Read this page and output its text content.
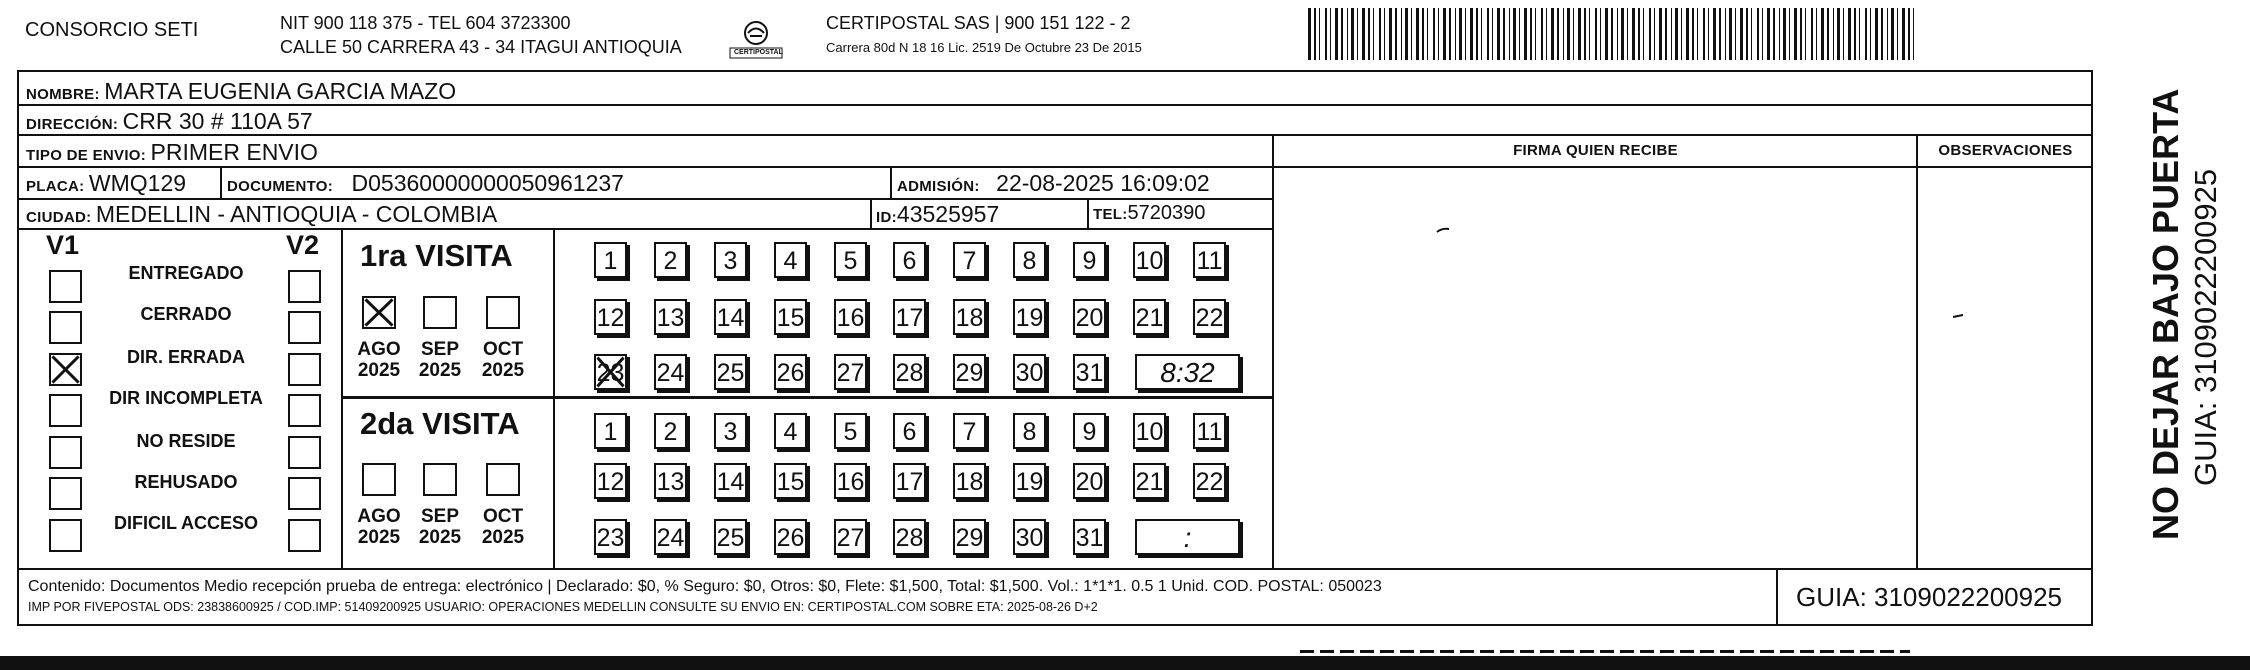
CONSORCIO SETI	NIT 900 118 375 - TEL 604 3723300
CALLE 50 CARRERA 43 - 34 ITAGUI ANTIOQUIA	CERTIPOSTAL
CERTIPOSTAL SAS | 900 151 122 - 2
Carrera 80d N 18 16 Lic. 2519 De Octubre 23 De 2015
NOMBRE: MARTA EUGENIA GARCIA MAZO
DIRECCIÓN: CRR 30 # 110A 57
TIPO DE ENVIO: PRIMER ENVIO	FIRMA QUIEN RECIBE	OBSERVACIONES
PLACA: WMQ129	DOCUMENTO: D05360000000050961237	ADMISIÓN: 22-08-2025 16:09:02
CIUDAD: MEDELLIN - ANTIOQUIA - COLOMBIA	ID:43525957	TEL:5720390
V1	V2 1ra VISITA
2da VISITA
Contenido: Documentos Medio recepción prueba de entrega: electrónico | Declarado: $0, % Seguro: $0, Otros: $0, Flete: $1,500, Total: $1,500. Vol.: 1*1*1. 0.5 1 Unid. COD. POSTAL: 050023
IMP POR FIVEPOSTAL ODS: 23838600925 / COD.IMP: 51409200925 USUARIO: OPERACIONES MEDELLIN CONSULTE SU ENVIO EN: CERTIPOSTAL.COM SOBRE ETA: 2025-08-26 D+2	GUIA: 3109022200925
NO DEJAR BAJO PUERTA GUIA: 3109022200925
ENTREGADO
CERRADO
DIR. ERRADA
DIR INCOMPLETA
NO RESIDE
REHUSADO
DIFICIL ACCESO
AGO
2025
SEP
2025
OCT
2025
AGO
2025
SEP
2025
OCT
2025
1	2	3	4	5	6	7	8	9	10 11
12 13 14 15 16 17 18 19 20 21 22
23 24 25 26 27 28 29 30 31	8:32
1	2	3	4	5	6	7	8	9	10 11
12 13 14 15 16 17 18 19 20 21 22
23 24 25 26 27 28 29 30 31	:
